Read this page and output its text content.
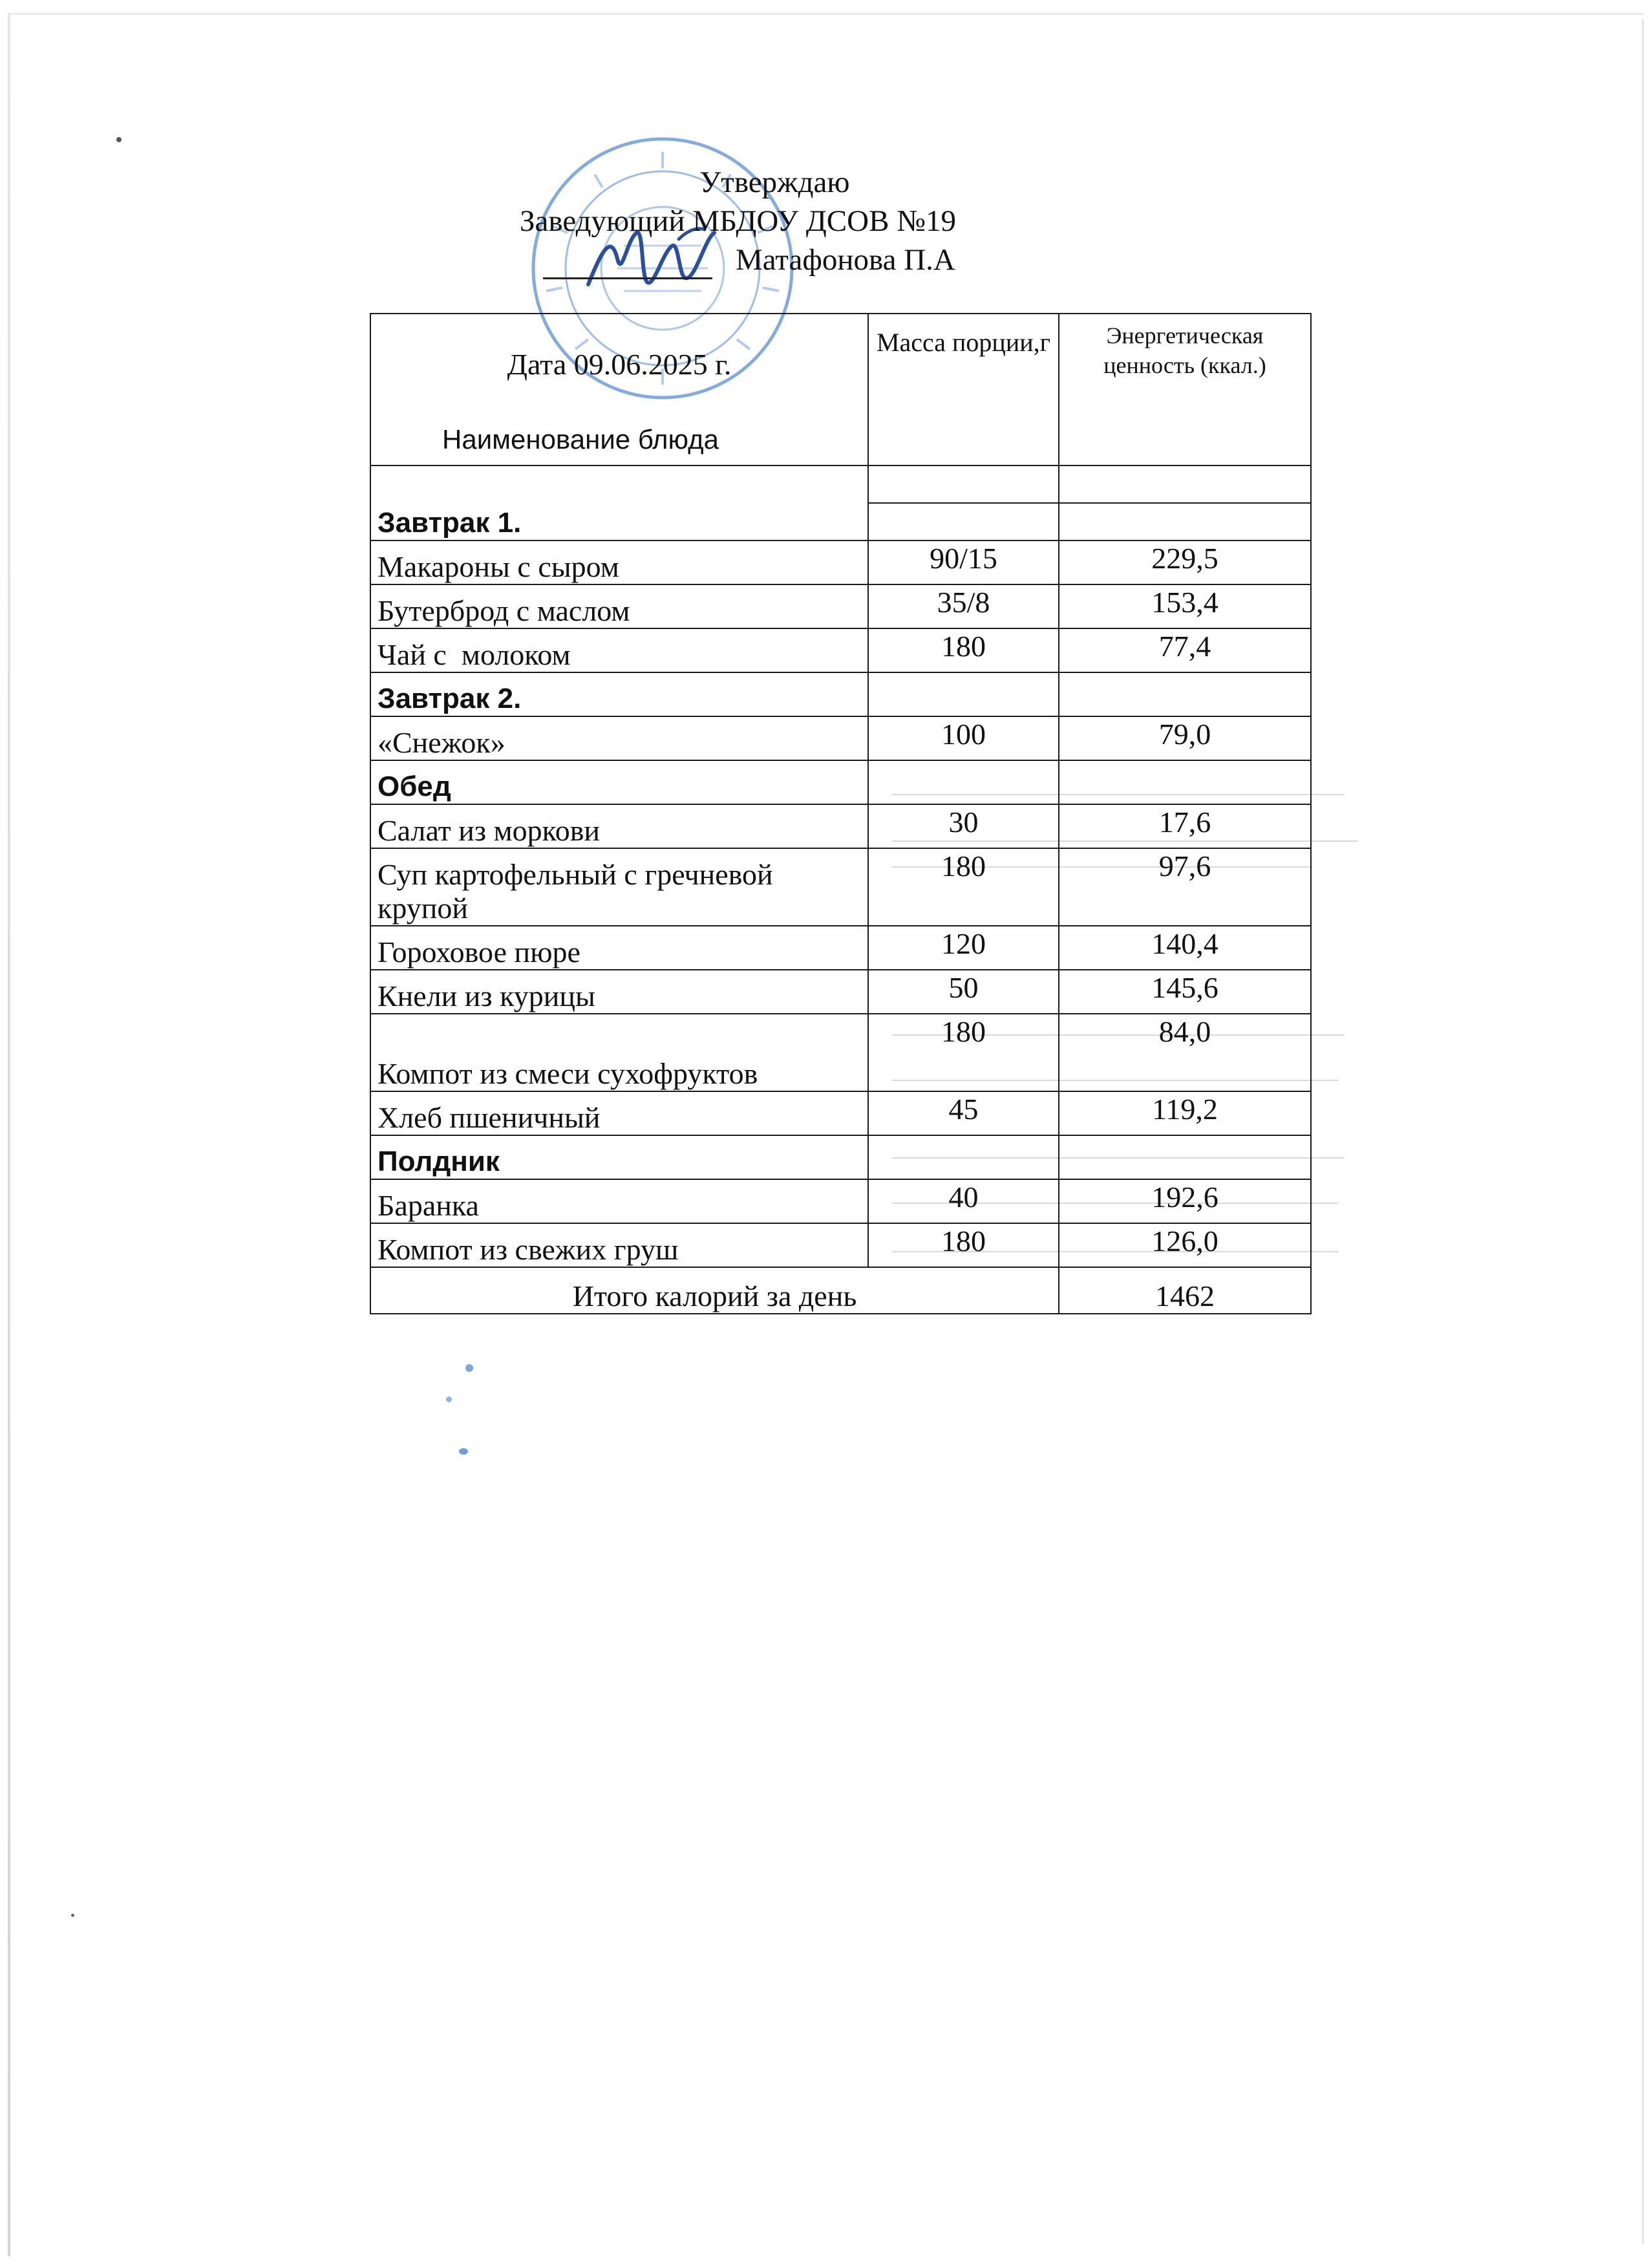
Утверждаю
Заведующий МБДОУ ДСОВ №19
Матафонова П.А
Дата 09.06.2025 г.	Масса порции,г	Энергетическая ценность (ккал.)
Наименование блюда		
Завтрак 1.		

Макароны с сыром	90/15	229,5
Бутерброд с маслом	35/8	153,4
Чай с  молоком	180	77,4
Завтрак 2.		
«Снежок»	100	79,0
Обед		
Салат из моркови	30	17,6
Суп картофельный с гречневой крупой	180	97,6
Гороховое пюре	120	140,4
Кнели из курицы	50	145,6
Компот из смеси сухофруктов	180	84,0
Хлеб пшеничный	45	119,2
Полдник		
Баранка	40	192,6
Компот из свежих груш	180	126,0
Итого калорий за день		1462
